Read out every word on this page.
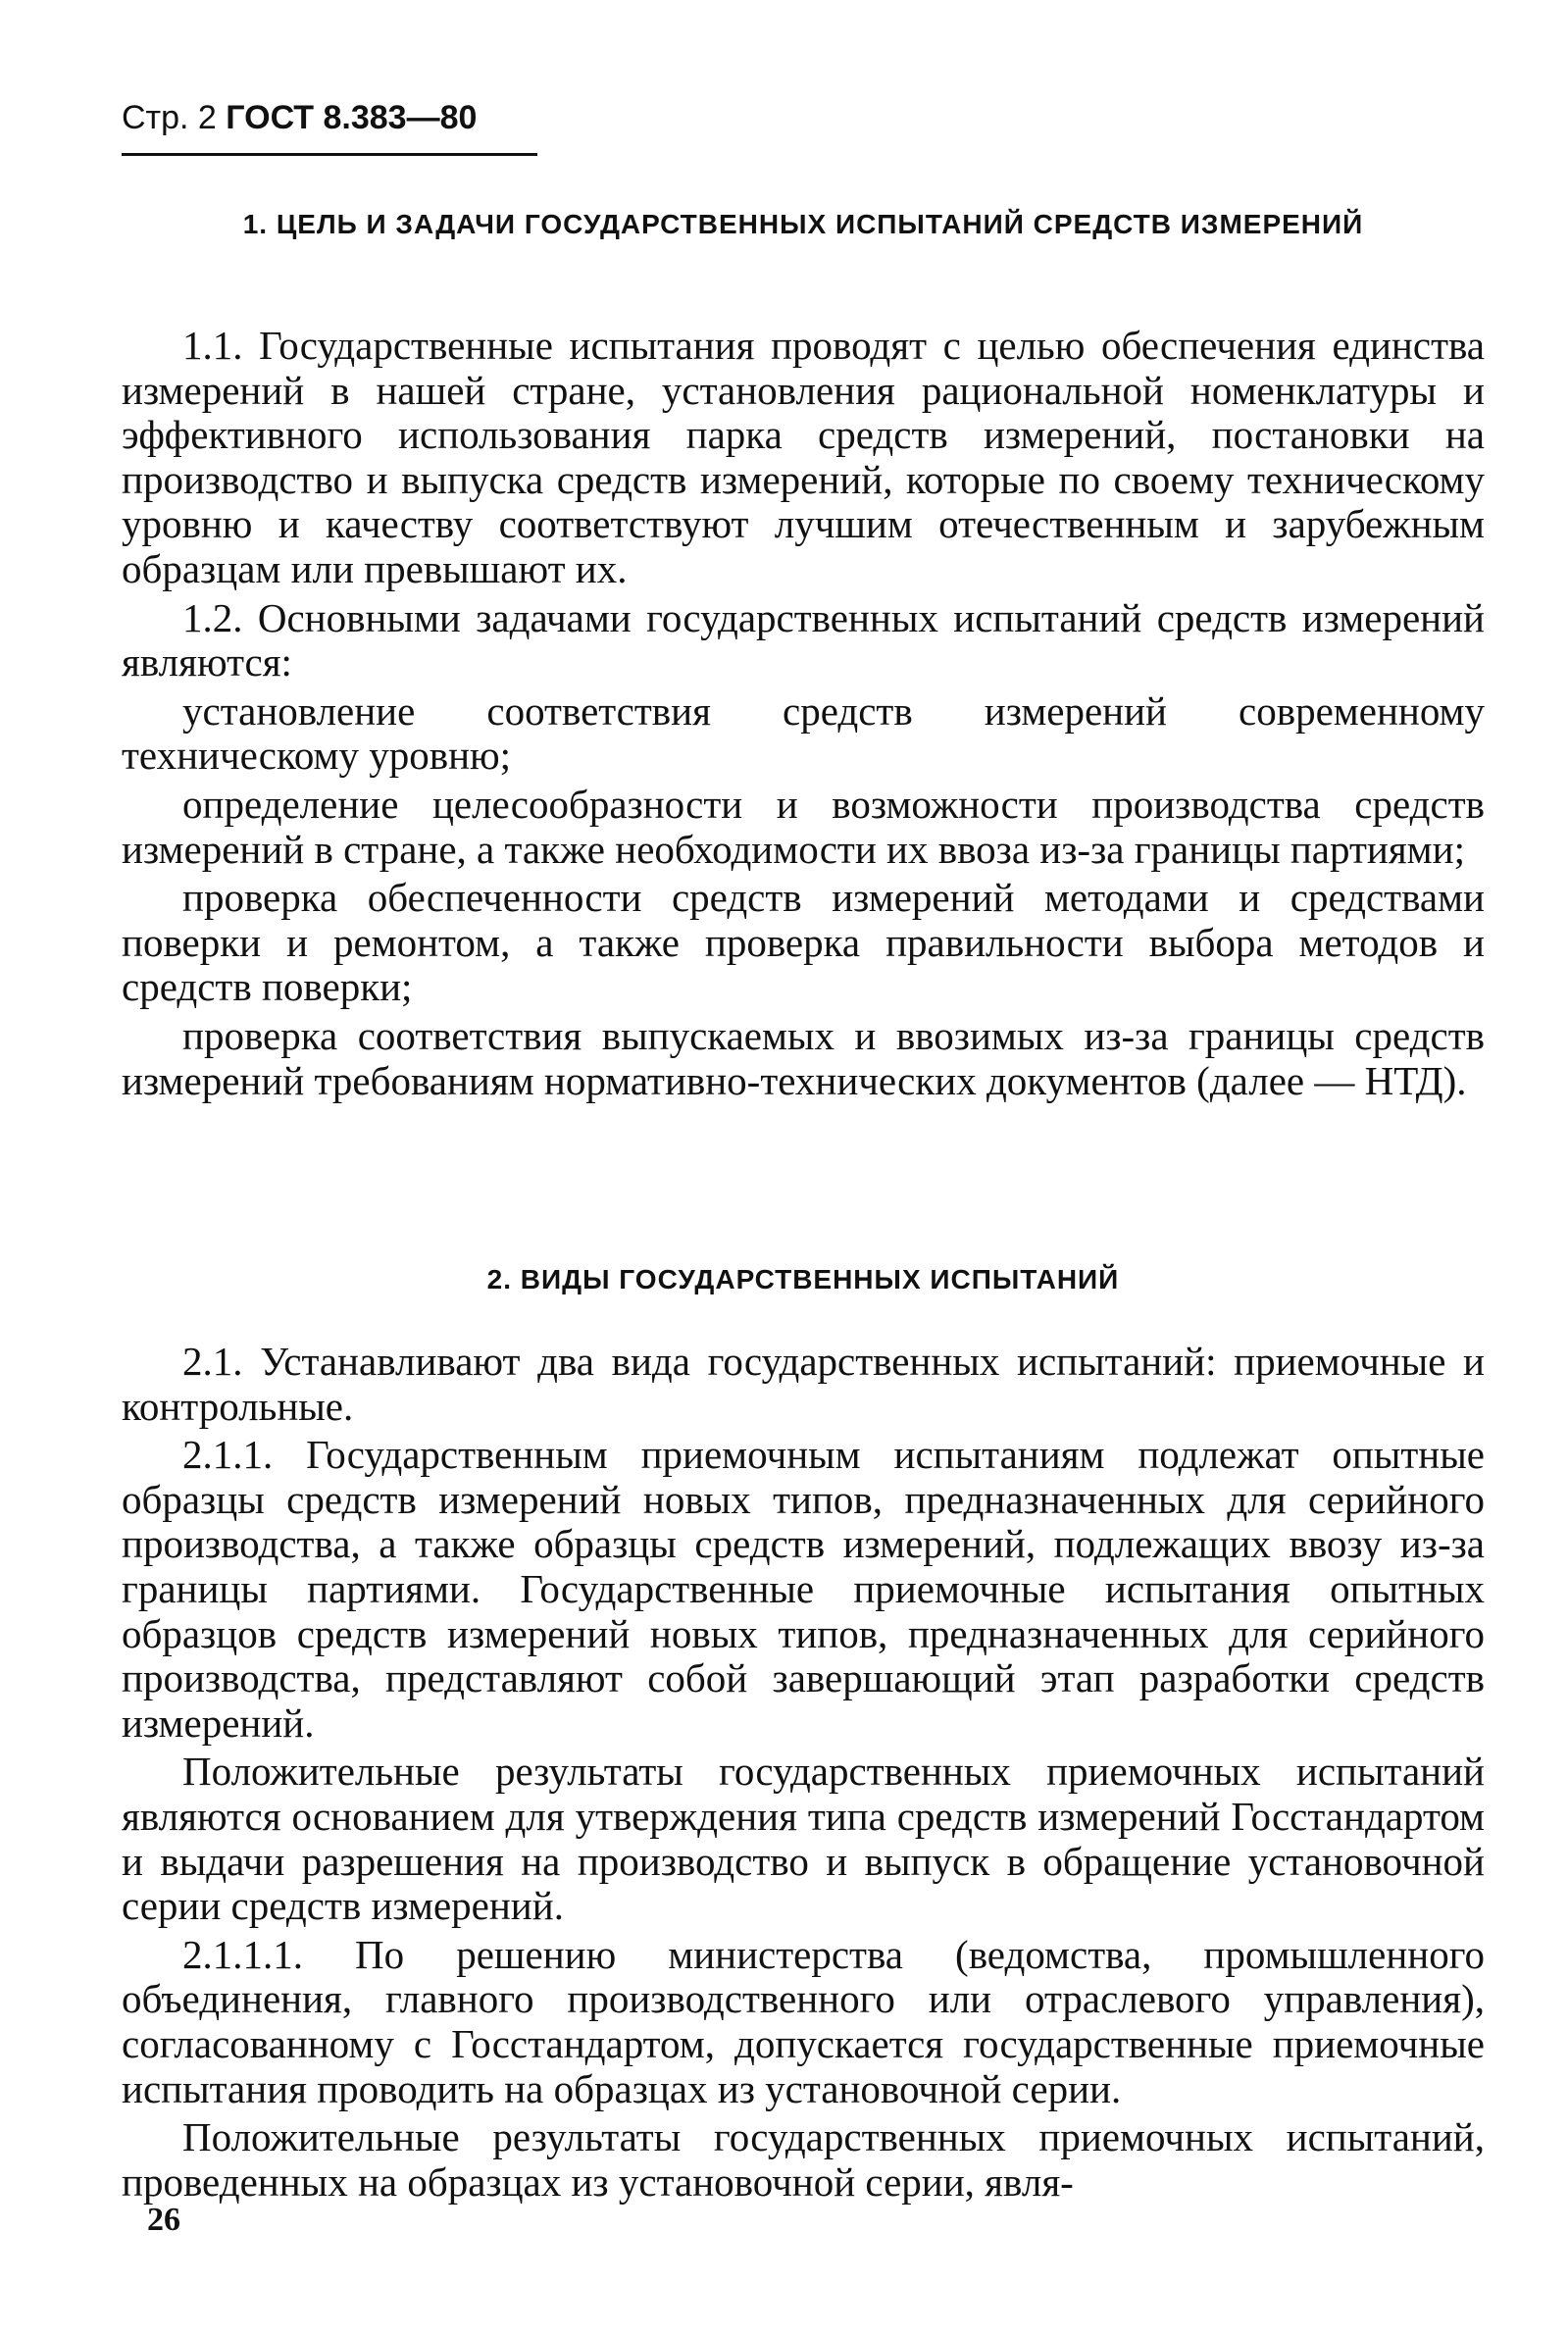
Стр. 2 ГОСТ 8.383—80
1. ЦЕЛЬ И ЗАДАЧИ ГОСУДАРСТВЕННЫХ ИСПЫТАНИЙ СРЕДСТВ ИЗМЕРЕНИЙ

1.1. Государственные испытания проводят с целью обеспечения единства измерений в нашей стране, установления рациональной номенклатуры и эффективного использования парка средств измерений, постановки на производство и выпуска средств измерений, которые по своему техническому уровню и качеству соответствуют лучшим отечественным и зарубежным образцам или превышают их.

1.2. Основными задачами государственных испытаний средств измерений являются:

установление соответствия средств измерений современному техническому уровню;

определение целесообразности и возможности производства средств измерений в стране, а также необходимости их ввоза из-за границы партиями;

проверка обеспеченности средств измерений методами и средствами поверки и ремонтом, а также проверка правильности выбора методов и средств поверки;

проверка соответствия выпускаемых и ввозимых из-за границы средств измерений требованиям нормативно-технических документов (далее — НТД).

2. ВИДЫ ГОСУДАРСТВЕННЫХ ИСПЫТАНИЙ

2.1. Устанавливают два вида государственных испытаний: приемочные и контрольные.

2.1.1. Государственным приемочным испытаниям подлежат опытные образцы средств измерений новых типов, предназначенных для серийного производства, а также образцы средств измерений, подлежащих ввозу из-за границы партиями. Государственные приемочные испытания опытных образцов средств измерений новых типов, предназначенных для серийного производства, представляют собой завершающий этап разработки средств измерений.

Положительные результаты государственных приемочных испытаний являются основанием для утверждения типа средств измерений Госстандартом и выдачи разрешения на производство и выпуск в обращение установочной серии средств измерений.

2.1.1.1. По решению министерства (ведомства, промышленного объединения, главного производственного или отраслевого управления), согласованному с Госстандартом, допускается государственные приемочные испытания проводить на образцах из установочной серии.

Положительные результаты государственных приемочных испытаний, проведенных на образцах из установочной серии, явля-

26
